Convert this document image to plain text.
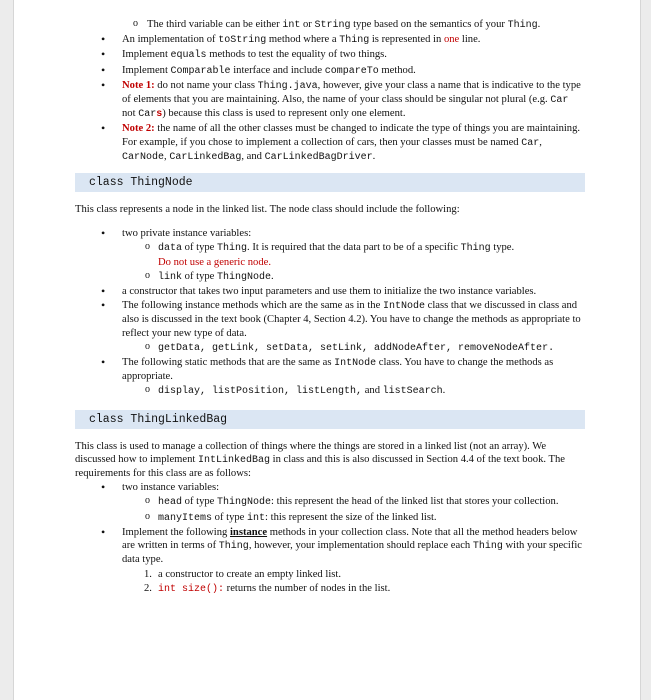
o The third variable can be either int or String type based on the semantics of your Thing.
• An implementation of toString method where a Thing is represented in one line.
• Implement equals methods to test the equality of two things.
• Implement Comparable interface and include compareTo method.
• Note 1: do not name your class Thing.java, however, give your class a name that is indicative to the type of elements that you are maintaining. Also, the name of your class should be singular not plural (e.g. Car not Cars) because this class is used to represent only one element.
• Note 2: the name of all the other classes must be changed to indicate the type of things you are maintaining. For example, if you chose to implement a collection of cars, then your classes must be named Car, CarNode, CarLinkedBag, and CarLinkedBagDriver.
class ThingNode

This class represents a node in the linked list. The node class should include the following:

• two private instance variables:
o data of type Thing. It is required that the data part to be of a specific Thing type.
Do not use a generic node.
o link of type ThingNode.
• a constructor that takes two input parameters and use them to initialize the two instance variables.
• The following instance methods which are the same as in the IntNode class that we discussed in class and also is discussed in the text book (Chapter 4, Section 4.2). You have to change the methods as appropriate to reflect your new type of data.
o getData, getLink, setData, setLink, addNodeAfter, removeNodeAfter.
• The following static methods that are the same as IntNode class. You have to change the methods as appropriate.
o display, listPosition, listLength, and listSearch.
class ThingLinkedBag

This class is used to manage a collection of things where the things are stored in a linked list (not an array). We discussed how to implement IntLinkedBag in class and this is also discussed in Section 4.4 of the text book. The requirements for this class are as follows:

• two instance variables:
o head of type ThingNode: this represent the head of the linked list that stores your collection.
o manyItems of type int: this represent the size of the linked list.
• Implement the following instance methods in your collection class. Note that all the method headers below are written in terms of Thing, however, your implementation should replace each Thing with your specific data type.
1. a constructor to create an empty linked list.
2. int size(): returns the number of nodes in the list.
